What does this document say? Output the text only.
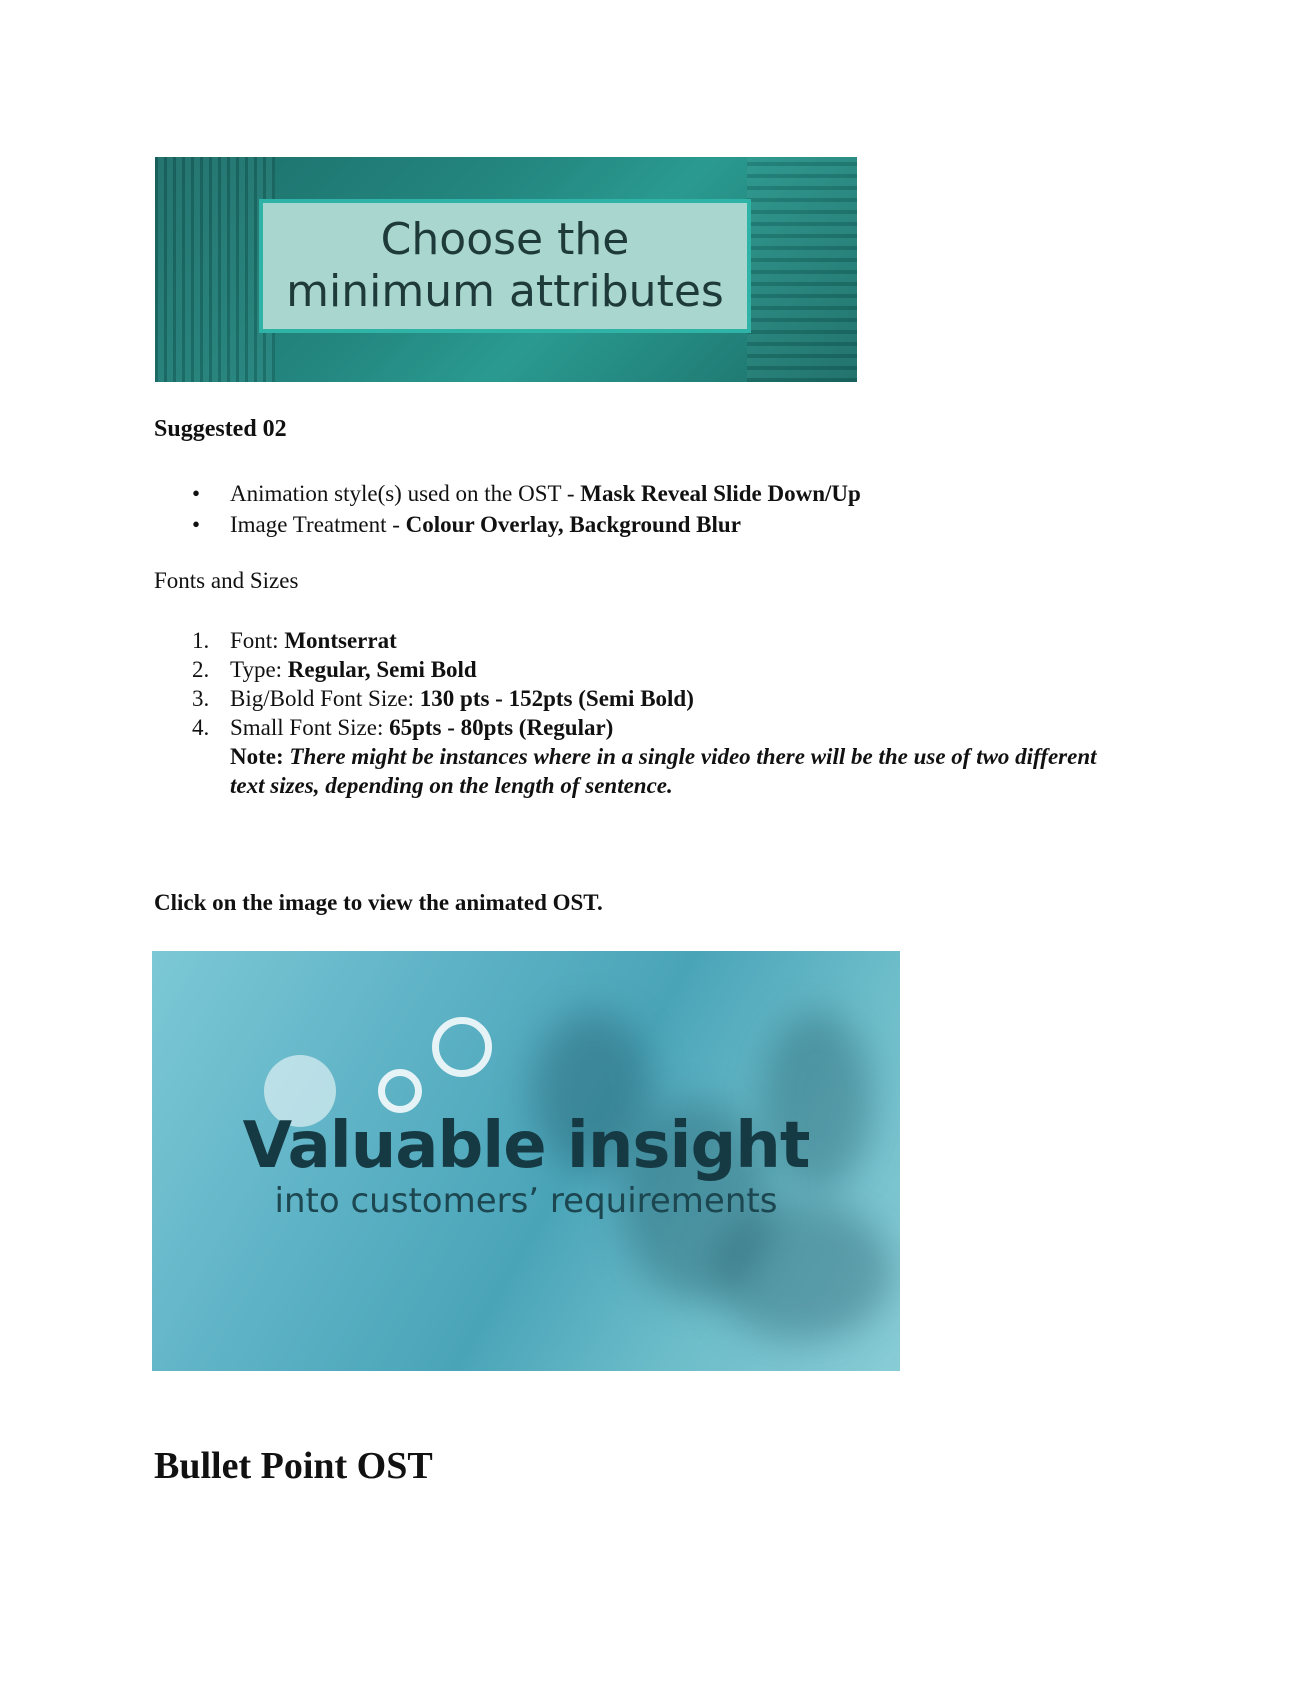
Choose the
minimum attributes

Suggested 02

• Animation style(s) used on the OST - Mask Reveal Slide Down/Up
• Image Treatment - Colour Overlay, Background Blur

Fonts and Sizes

1. Font: Montserrat
2. Type: Regular, Semi Bold
3. Big/Bold Font Size: 130 pts - 152pts (Semi Bold)
4. Small Font Size: 65pts - 80pts (Regular)
Note: There might be instances where in a single video there will be the use of two different text sizes, depending on the length of sentence.

Click on the image to view the animated OST.

Valuable insight
into customers’ requirements

Bullet Point OST
